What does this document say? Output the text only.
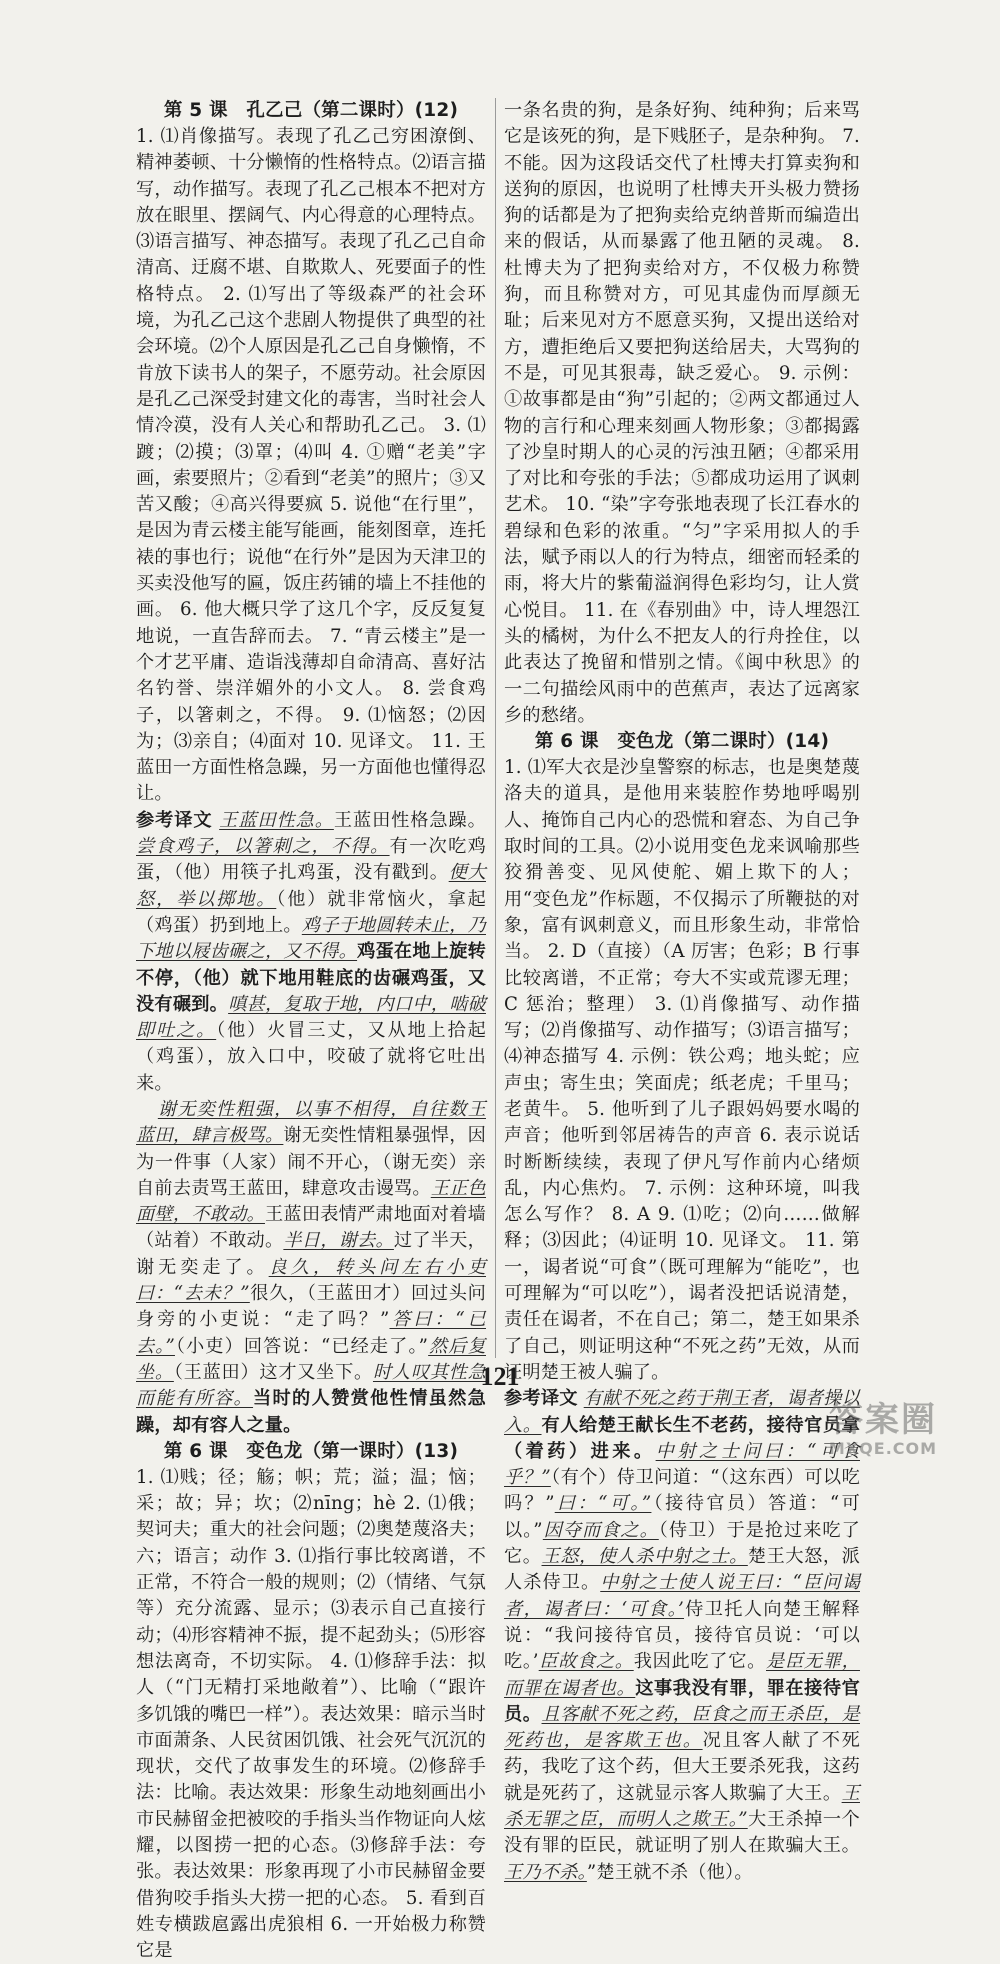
第 5 课　孔乙己（第二课时）(12)

1. ⑴肖像描写。表现了孔乙己穷困潦倒、精神萎顿、十分懒惰的性格特点。⑵语言描写，动作描写。表现了孔乙己根本不把对方放在眼里、摆阔气、内心得意的心理特点。⑶语言描写、神态描写。表现了孔乙己自命清高、迂腐不堪、自欺欺人、死要面子的性格特点。 2. ⑴写出了等级森严的社会环境，为孔乙己这个悲剧人物提供了典型的社会环境。⑵个人原因是孔乙己自身懒惰，不肯放下读书人的架子，不愿劳动。社会原因是孔乙己深受封建文化的毒害，当时社会人情冷漠，没有人关心和帮助孔乙己。 3. ⑴踱；⑵摸；⑶罩；⑷叫 4. ①赠“老美”字画，索要照片；②看到“老美”的照片；③又苦又酸；④高兴得要疯 5. 说他“在行里”，是因为青云楼主能写能画，能刻图章，连托裱的事也行；说他“在行外”是因为天津卫的买卖没他写的匾，饭庄药铺的墙上不挂他的画。 6. 他大概只学了这几个字，反反复复地说，一直告辞而去。 7. “青云楼主”是一个才艺平庸、造诣浅薄却自命清高、喜好沽名钓誉、崇洋媚外的小文人。 8. 尝食鸡子，以箸刺之，不得。 9. ⑴恼怒；⑵因为；⑶亲自；⑷面对 10. 见译文。 11. 王蓝田一方面性格急躁，另一方面他也懂得忍让。

参考译文 王蓝田性急。王蓝田性格急躁。尝食鸡子，以箸刺之，不得。有一次吃鸡蛋，（他）用筷子扎鸡蛋，没有戳到。便大怒，举以掷地。（他）就非常恼火，拿起（鸡蛋）扔到地上。鸡子于地圆转未止，乃下地以屐齿碾之，又不得。鸡蛋在地上旋转不停，（他）就下地用鞋底的齿碾鸡蛋，又没有碾到。嗔甚，复取于地，内口中，啮破即吐之。（他）火冒三丈，又从地上拾起（鸡蛋），放入口中，咬破了就将它吐出来。

谢无奕性粗强，以事不相得，自往数王蓝田，肆言极骂。谢无奕性情粗暴强悍，因为一件事（人家）闹不开心，（谢无奕）亲自前去责骂王蓝田，肆意攻击谩骂。王正色面壁，不敢动。王蓝田表情严肃地面对着墙（站着）不敢动。半日，谢去。过了半天，谢无奕走了。良久，转头问左右小吏曰：“去未？”很久，（王蓝田才）回过头问身旁的小吏说：“走了吗？”答曰：“已去。”（小吏）回答说：“已经走了。”然后复坐。（王蓝田）这才又坐下。时人叹其性急而能有所容。当时的人赞赏他性情虽然急躁，却有容人之量。

第 6 课　变色龙（第一课时）(13)

1. ⑴贱；径；觞；帜；荒；溢；温；恼；采；故；异；坎；⑵nīng；hè 2. ⑴俄；契诃夫；重大的社会问题；⑵奥楚蔑洛夫；六；语言；动作 3. ⑴指行事比较离谱，不正常，不符合一般的规则；⑵（情绪、气氛等）充分流露、显示；⑶表示自己直接行动；⑷形容精神不振，提不起劲头；⑸形容想法离奇，不切实际。 4. ⑴修辞手法：拟人（“门无精打采地敞着”）、比喻（“跟许多饥饿的嘴巴一样”）。表达效果：暗示当时市面萧条、人民贫困饥饿、社会死气沉沉的现状，交代了故事发生的环境。⑵修辞手法：比喻。表达效果：形象生动地刻画出小市民赫留金把被咬的手指头当作物证向人炫耀，以图捞一把的心态。⑶修辞手法：夸张。表达效果：形象再现了小市民赫留金要借狗咬手指头大捞一把的心态。 5. 看到百姓专横跋扈露出虎狼相 6. 一开始极力称赞它是

一条名贵的狗，是条好狗、纯种狗；后来骂它是该死的狗，是下贱胚子，是杂种狗。 7. 不能。因为这段话交代了杜博夫打算卖狗和送狗的原因，也说明了杜博夫开头极力赞扬狗的话都是为了把狗卖给克纳普斯而编造出来的假话，从而暴露了他丑陋的灵魂。 8. 杜博夫为了把狗卖给对方，不仅极力称赞狗，而且称赞对方，可见其虚伪而厚颜无耻；后来见对方不愿意买狗，又提出送给对方，遭拒绝后又要把狗送给居夫，大骂狗的不是，可见其狠毒，缺乏爱心。 9. 示例：①故事都是由“狗”引起的；②两文都通过人物的言行和心理来刻画人物形象；③都揭露了沙皇时期人的心灵的污浊丑陋；④都采用了对比和夸张的手法；⑤都成功运用了讽刺艺术。 10. “染”字夸张地表现了长江春水的碧绿和色彩的浓重。“匀”字采用拟人的手法，赋予雨以人的行为特点，细密而轻柔的雨，将大片的紫葡溢润得色彩均匀，让人赏心悦目。 11. 在《春别曲》中，诗人埋怨江头的橘树，为什么不把友人的行舟拴住，以此表达了挽留和惜别之情。《闽中秋思》的一二句描绘风雨中的芭蕉声，表达了远离家乡的愁绪。

第 6 课　变色龙（第二课时）(14)

1. ⑴军大衣是沙皇警察的标志，也是奥楚蔑洛夫的道具，是他用来装腔作势地呼喝别人、掩饰自己内心的恐慌和窘态、为自己争取时间的工具。⑵小说用变色龙来讽喻那些狡猾善变、见风使舵、媚上欺下的人；用“变色龙”作标题，不仅揭示了所鞭挞的对象，富有讽刺意义，而且形象生动，非常恰当。 2. D（直接）（A 厉害；色彩；B 行事比较离谱，不正常；夸大不实或荒谬无理；C 惩治；整理） 3. ⑴肖像描写、动作描写；⑵肖像描写、动作描写；⑶语言描写；⑷神态描写 4. 示例：铁公鸡；地头蛇；应声虫；寄生虫；笑面虎；纸老虎；千里马；老黄牛。 5. 他听到了儿子跟妈妈要水喝的声音；他听到邻居祷告的声音 6. 表示说话时断断续续，表现了伊凡写作前内心绪烦乱，内心焦灼。 7. 示例：这种环境，叫我怎么写作？ 8. A 9. ⑴吃；⑵向……做解释；⑶因此；⑷证明 10. 见译文。 11. 第一，谒者说“可食”（既可理解为“能吃”，也可理解为“可以吃”），谒者没把话说清楚，责任在谒者，不在自己；第二，楚王如果杀了自己，则证明这种“不死之药”无效，从而证明楚王被人骗了。

参考译文 有献不死之药于荆王者，谒者操以入。有人给楚王献长生不老药，接待官员拿（着药）进来。中射之士问曰：“可食乎？”（有个）侍卫问道：“（这东西）可以吃吗？”曰：“可。”（接待官员）答道：“可以。”因夺而食之。（侍卫）于是抢过来吃了它。王怒，使人杀中射之士。楚王大怒，派人杀侍卫。中射之士使人说王曰：“臣问谒者，谒者曰：‘可食。’侍卫托人向楚王解释说：“我问接待官员，接待官员说：‘可以吃。’臣故食之。我因此吃了它。是臣无罪，而罪在谒者也。这事我没有罪，罪在接待官员。且客献不死之药，臣食之而王杀臣，是死药也，是客欺王也。况且客人献了不死药，我吃了这个药，但大王要杀死我，这药就是死药了，这就显示客人欺骗了大王。王杀无罪之臣，而明人之欺王。”大王杀掉一个没有罪的臣民，就证明了别人在欺骗大王。王乃不杀。”楚王就不杀（他）。

121
答案圈
MXQE.COM
